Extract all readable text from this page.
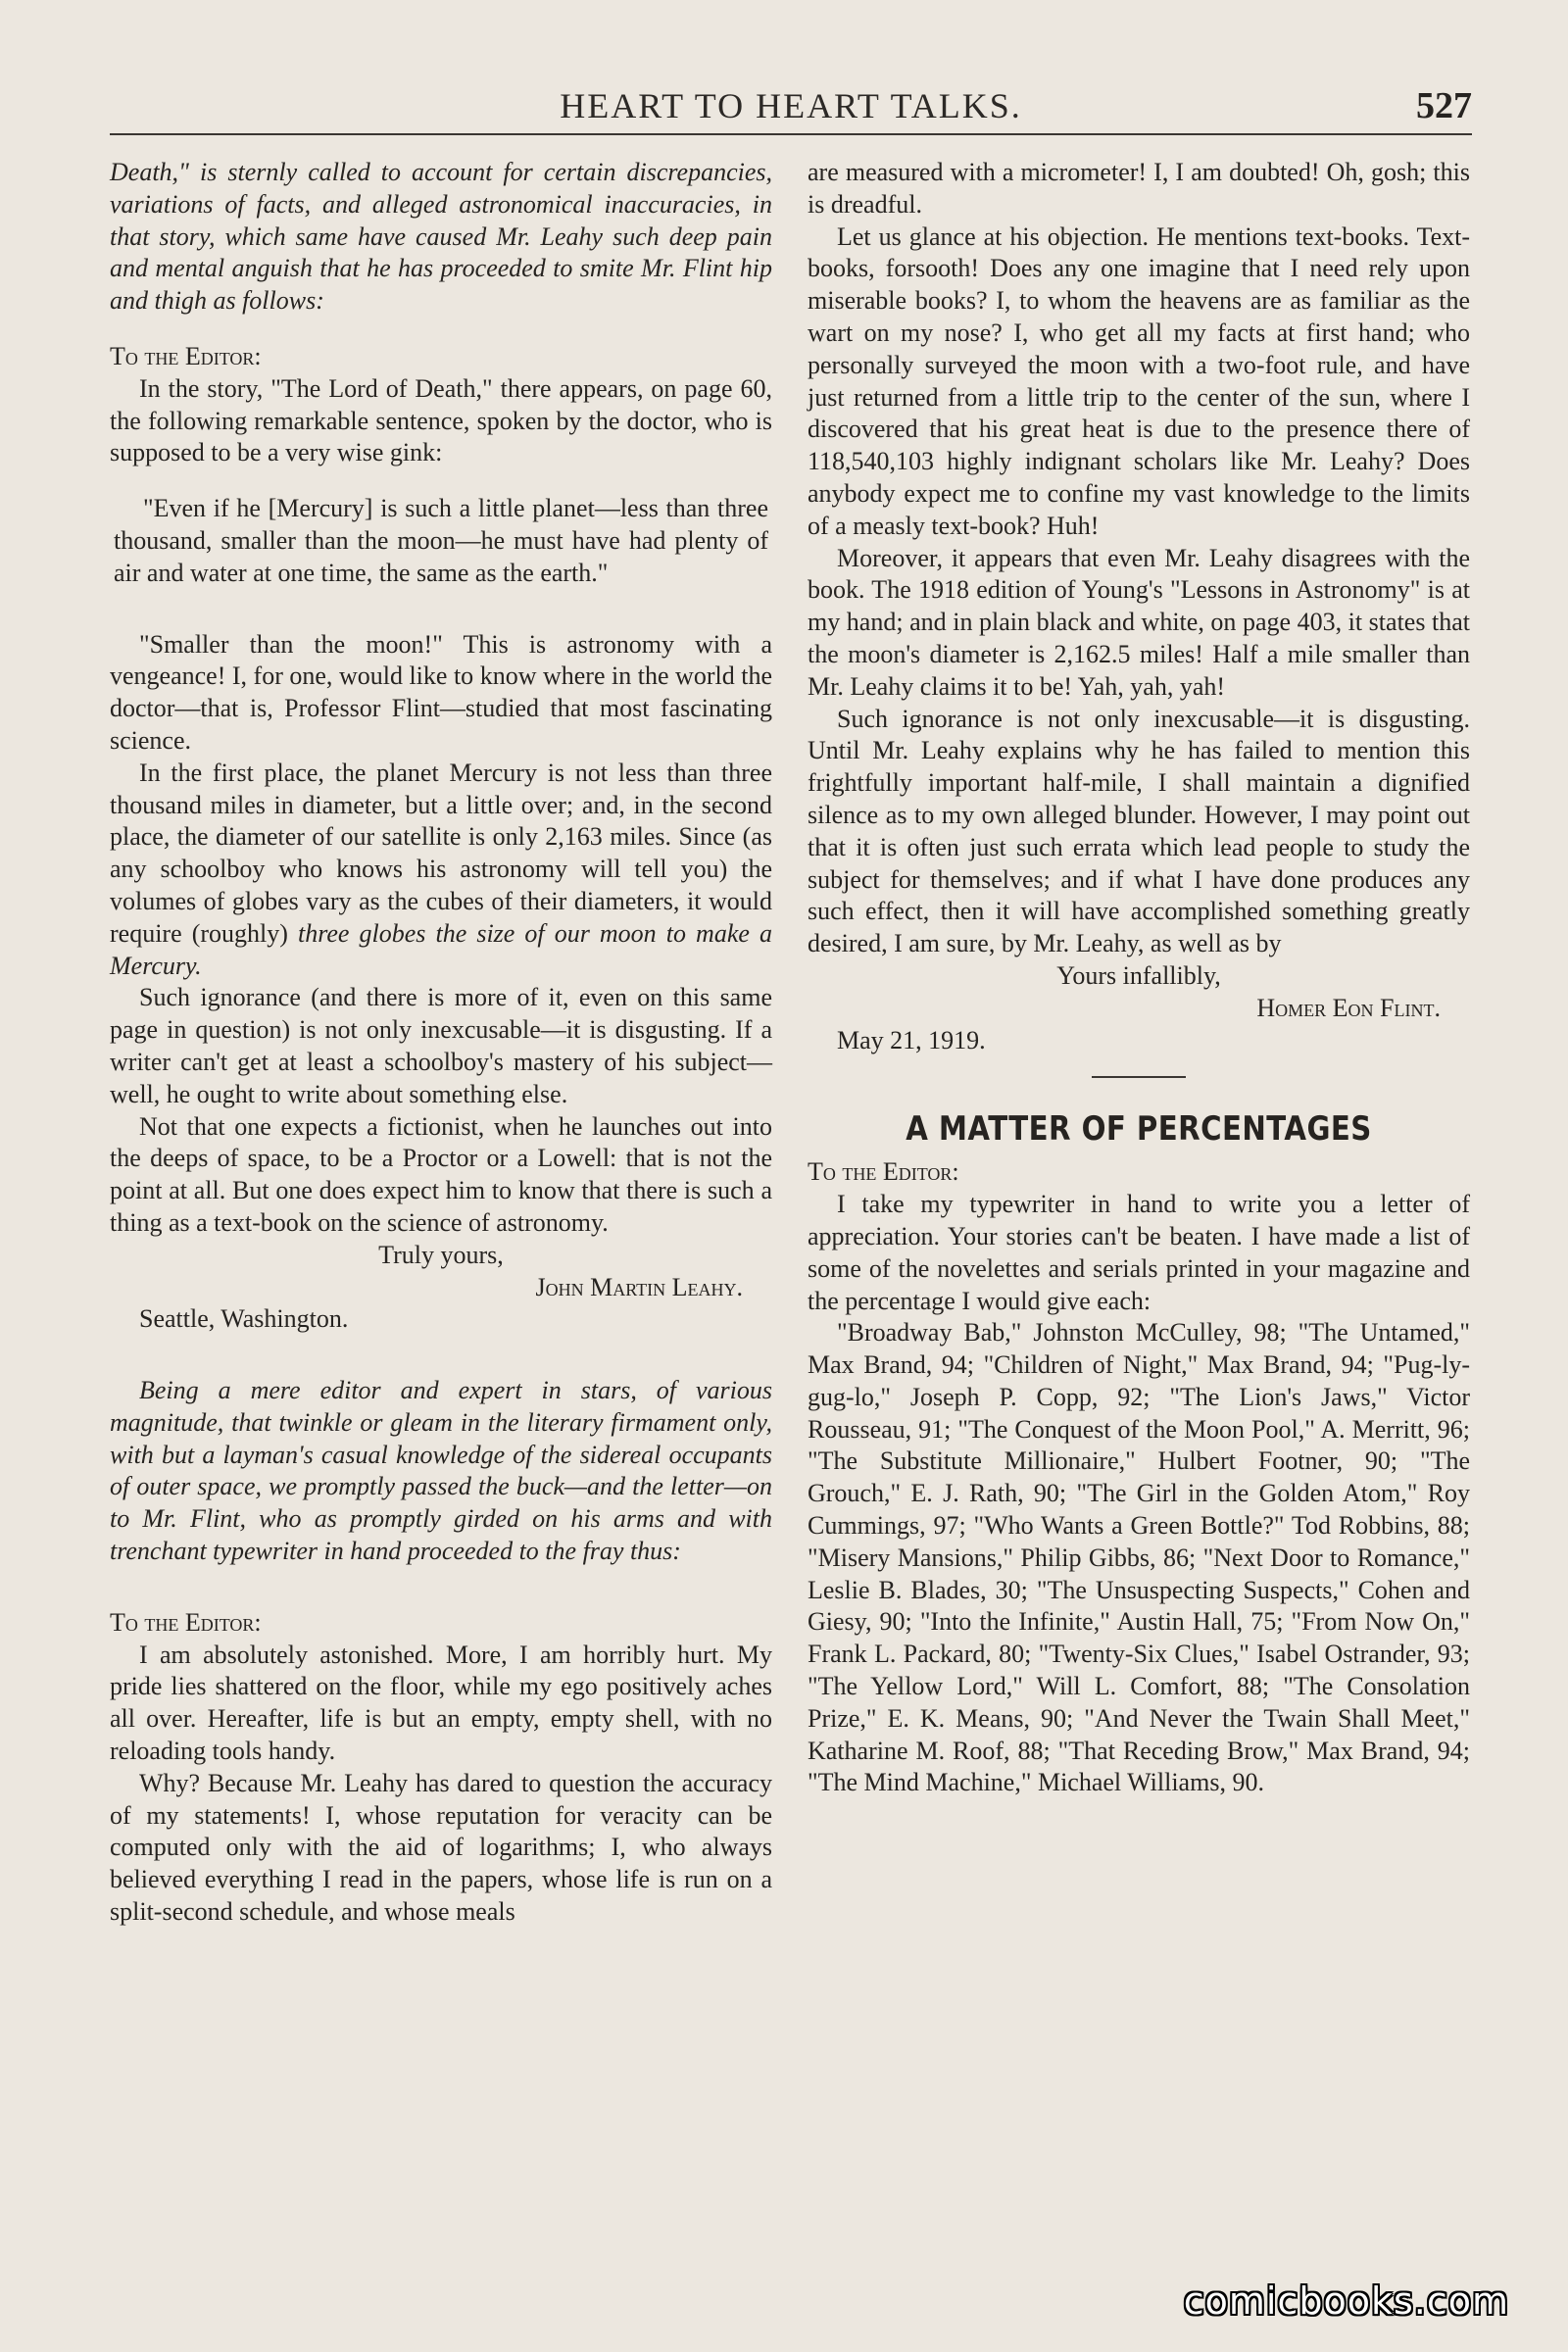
HEART TO HEART TALKS.	527

Death," is sternly called to account for certain discrepancies, variations of facts, and alleged astronomical inaccuracies, in that story, which same have caused Mr. Leahy such deep pain and mental anguish that he has proceeded to smite Mr. Flint hip and thigh as follows:

To the Editor:

In the story, "The Lord of Death," there appears, on page 60, the following remarkable sentence, spoken by the doctor, who is supposed to be a very wise gink:

"Even if he [Mercury] is such a little planet—less than three thousand, smaller than the moon—he must have had plenty of air and water at one time, the same as the earth."

"Smaller than the moon!" This is astronomy with a vengeance! I, for one, would like to know where in the world the doctor—that is, Professor Flint—studied that most fascinating science.

In the first place, the planet Mercury is not less than three thousand miles in diameter, but a little over; and, in the second place, the diameter of our satellite is only 2,163 miles. Since (as any schoolboy who knows his astronomy will tell you) the volumes of globes vary as the cubes of their diameters, it would require (roughly) three globes the size of our moon to make a Mercury.

Such ignorance (and there is more of it, even on this same page in question) is not only inexcusable—it is disgusting. If a writer can't get at least a schoolboy's mastery of his subject—well, he ought to write about something else.

Not that one expects a fictionist, when he launches out into the deeps of space, to be a Proctor or a Lowell: that is not the point at all. But one does expect him to know that there is such a thing as a text-book on the science of astronomy.

Truly yours,

John Martin Leahy.

Seattle, Washington.

Being a mere editor and expert in stars, of various magnitude, that twinkle or gleam in the literary firmament only, with but a layman's casual knowledge of the sidereal occupants of outer space, we promptly passed the buck—and the letter—on to Mr. Flint, who as promptly girded on his arms and with trenchant typewriter in hand proceeded to the fray thus:

To the Editor:

I am absolutely astonished. More, I am horribly hurt. My pride lies shattered on the floor, while my ego positively aches all over. Hereafter, life is but an empty, empty shell, with no reloading tools handy.

Why? Because Mr. Leahy has dared to question the accuracy of my statements! I, whose reputation for veracity can be computed only with the aid of logarithms; I, who always believed everything I read in the papers, whose life is run on a split-second schedule, and whose meals

are measured with a micrometer! I, I am doubted! Oh, gosh; this is dreadful.

Let us glance at his objection. He mentions text-books. Text-books, forsooth! Does any one imagine that I need rely upon miserable books? I, to whom the heavens are as familiar as the wart on my nose? I, who get all my facts at first hand; who personally surveyed the moon with a two-foot rule, and have just returned from a little trip to the center of the sun, where I discovered that his great heat is due to the presence there of 118,540,103 highly indignant scholars like Mr. Leahy? Does anybody expect me to confine my vast knowledge to the limits of a measly text-book? Huh!

Moreover, it appears that even Mr. Leahy disagrees with the book. The 1918 edition of Young's "Lessons in Astronomy" is at my hand; and in plain black and white, on page 403, it states that the moon's diameter is 2,162.5 miles! Half a mile smaller than Mr. Leahy claims it to be! Yah, yah, yah!

Such ignorance is not only inexcusable—it is disgusting. Until Mr. Leahy explains why he has failed to mention this frightfully important half-mile, I shall maintain a dignified silence as to my own alleged blunder. However, I may point out that it is often just such errata which lead people to study the subject for themselves; and if what I have done produces any such effect, then it will have accomplished something greatly desired, I am sure, by Mr. Leahy, as well as by

Yours infallibly,

Homer Eon Flint.

May 21, 1919.

A MATTER OF PERCENTAGES

To the Editor:

I take my typewriter in hand to write you a letter of appreciation. Your stories can't be beaten. I have made a list of some of the novelettes and serials printed in your magazine and the percentage I would give each:

"Broadway Bab," Johnston McCulley, 98; "The Untamed," Max Brand, 94; "Children of Night," Max Brand, 94; "Pug-ly-gug-lo," Joseph P. Copp, 92; "The Lion's Jaws," Victor Rousseau, 91; "The Conquest of the Moon Pool," A. Merritt, 96; "The Substitute Millionaire," Hulbert Footner, 90; "The Grouch," E. J. Rath, 90; "The Girl in the Golden Atom," Roy Cummings, 97; "Who Wants a Green Bottle?" Tod Robbins, 88; "Misery Mansions," Philip Gibbs, 86; "Next Door to Romance," Leslie B. Blades, 30; "The Unsuspecting Suspects," Cohen and Giesy, 90; "Into the Infinite," Austin Hall, 75; "From Now On," Frank L. Packard, 80; "Twenty-Six Clues," Isabel Ostrander, 93; "The Yellow Lord," Will L. Comfort, 88; "The Consolation Prize," E. K. Means, 90; "And Never the Twain Shall Meet," Katharine M. Roof, 88; "That Receding Brow," Max Brand, 94; "The Mind Machine," Michael Williams, 90.

comicbooks.com
